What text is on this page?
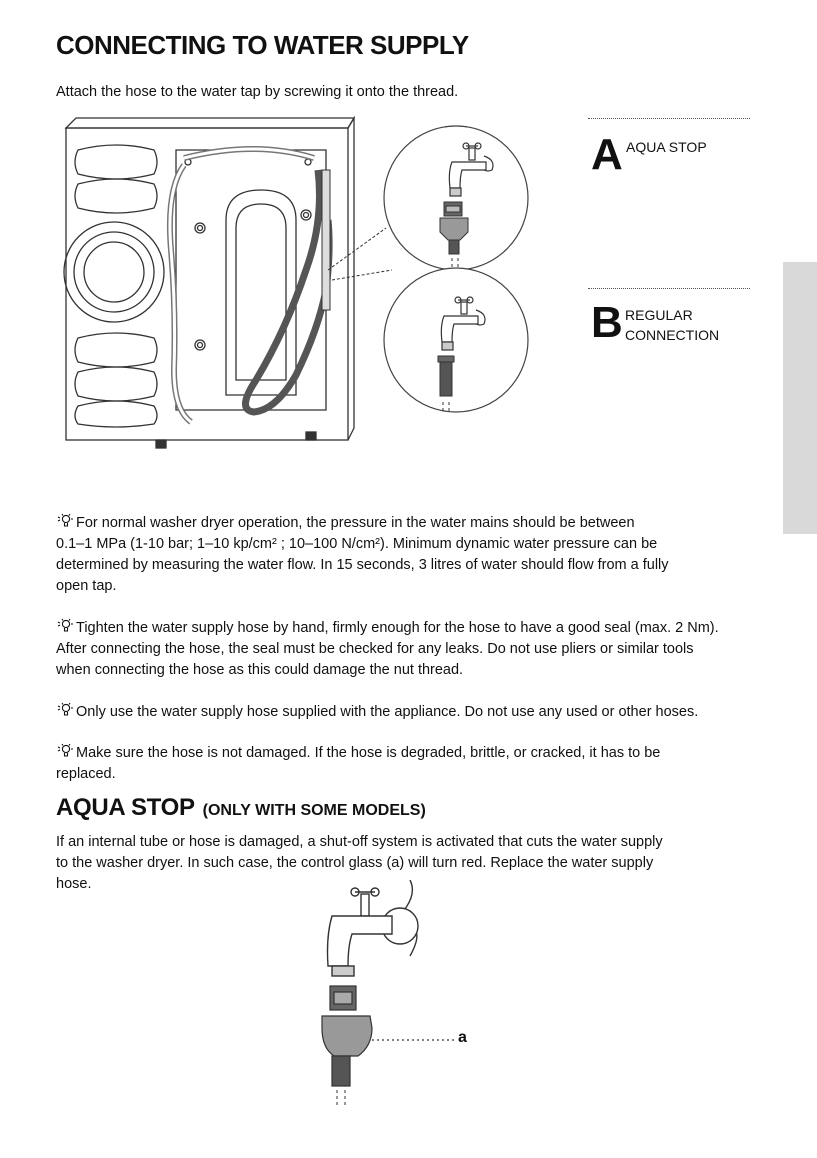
CONNECTING TO WATER SUPPLY
Attach the hose to the water tap by screwing it onto the thread.
A AQUA STOP
B REGULAR
CONNECTION
For normal washer dryer operation, the pressure in the water mains should be between
0.1–1 MPa (1-10 bar; 1–10 kp/cm² ; 10–100 N/cm²). Minimum dynamic water pressure can be
determined by measuring the water flow. In 15 seconds, 3 litres of water should flow from a fully
open tap.
Tighten the water supply hose by hand, firmly enough for the hose to have a good seal (max. 2 Nm).
After connecting the hose, the seal must be checked for any leaks. Do not use pliers or similar tools
when connecting the hose as this could damage the nut thread.
Only use the water supply hose supplied with the appliance. Do not use any used or other hoses.
Make sure the hose is not damaged. If the hose is degraded, brittle, or cracked, it has to be
replaced.
AQUA STOP (ONLY WITH SOME MODELS)
If an internal tube or hose is damaged, a shut-off system is activated that cuts the water supply
to the washer dryer. In such case, the control glass (a) will turn red. Replace the water supply
hose.
a
